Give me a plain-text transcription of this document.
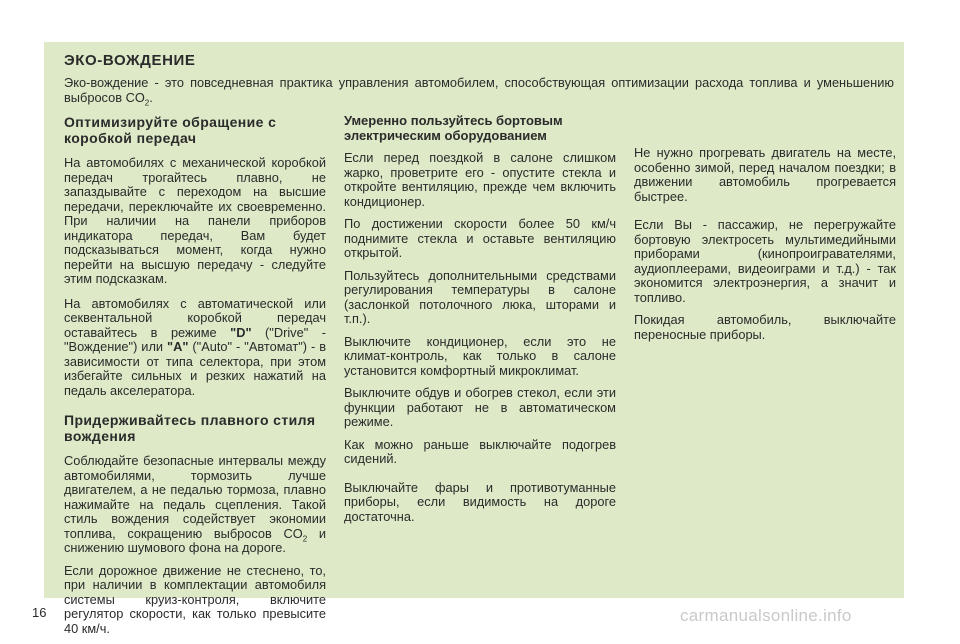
ЭКО-ВОЖДЕНИЕ
Эко-вождение - это повседневная практика управления автомобилем, способствующая оптимизации расхода топлива и уменьшению выбросов $CO_2$.
Оптимизируйте обращение с коробкой передач

На автомобилях с механической коробкой передач трогайтесь плавно, не запаздывайте с переходом на высшие передачи, переключайте их своевременно. При наличии на панели приборов индикатора передач, Вам будет подсказываться момент, когда нужно перейти на высшую передачу - следуйте этим подсказкам.

На автомобилях с автоматической или секвентальной коробкой передач оставайтесь в режиме "D" ("Drive" - "Вождение") или "A" ("Auto" - "Автомат") - в зависимости от типа селектора, при этом избегайте сильных и резких нажатий на педаль акселератора.

Придерживайтесь плавного стиля вождения

Соблюдайте безопасные интервалы между автомобилями, тормозить лучше двигателем, а не педалью тормоза, плавно нажимайте на педаль сцепления. Такой стиль вождения содействует экономии топлива, сокращению выбросов $CO_2$ и снижению шумового фона на дороге.

Если дорожное движение не стеснено, то, при наличии в комплектации автомобиля системы круиз-контроля, включите регулятор скорости, как только превысите 40 км/ч.

Умеренно пользуйтесь бортовым электрическим оборудованием

Если перед поездкой в салоне слишком жарко, проветрите его - опустите стекла и откройте вентиляцию, прежде чем включить кондиционер.

По достижении скорости более 50 км/ч поднимите стекла и оставьте вентиляцию открытой.

Пользуйтесь дополнительными средствами регулирования температуры в салоне (заслонкой потолочного люка, шторами и т.п.).

Выключите кондиционер, если это не климат-контроль, как только в салоне установится комфортный микроклимат.

Выключите обдув и обогрев стекол, если эти функции работают не в автоматическом режиме.

Как можно раньше выключайте подогрев сидений.

Выключайте фары и противотуманные приборы, если видимость на дороге достаточна.

Не нужно прогревать двигатель на месте, особенно зимой, перед началом поездки; в движении автомобиль прогревается быстрее.

Если Вы - пассажир, не перегружайте бортовую электросеть мультимедийными приборами (кинопроигравателями, аудиоплеерами, видеоиграми и т.д.) - так экономится электроэнергия, а значит и топливо.

Покидая автомобиль, выключайте переносные приборы.

16	carmanualsonline.info
